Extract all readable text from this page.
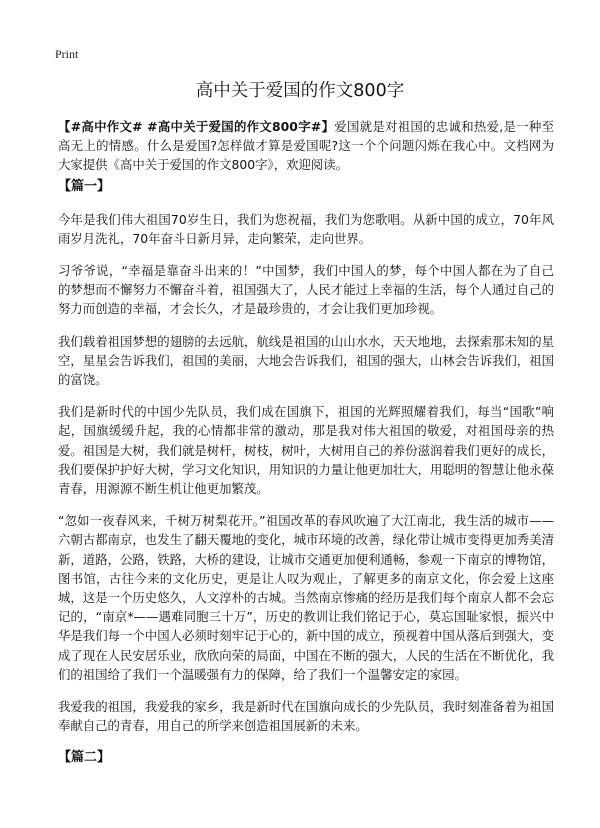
Print
高中关于爱国的作文800字

【#高中作文# #高中关于爱国的作文800字#】爱国就是对祖国的忠诚和热爱,是一种至高无上的情感。什么是爱国?怎样做才算是爱国呢?这一个个问题闪烁在我心中。文档网为大家提供《高中关于爱国的作文800字》，欢迎阅读。

【篇一】

今年是我们伟大祖国70岁生日，我们为您祝福，我们为您歌唱。从新中国的成立，70年风雨岁月洗礼，70年奋斗日新月异，走向繁荣，走向世界。

习爷爷说，“幸福是靠奋斗出来的！”中国梦，我们中国人的梦，每个中国人都在为了自己的梦想而不懈努力不懈奋斗着，祖国强大了，人民才能过上幸福的生活，每个人通过自己的努力而创造的幸福，才会长久，才是最珍贵的，才会让我们更加珍视。

我们载着祖国梦想的翅膀的去远航，航线是祖国的山山水水，天天地地，去探索那未知的星空，星星会告诉我们，祖国的美丽，大地会告诉我们，祖国的强大，山林会告诉我们，祖国的富饶。

我们是新时代的中国少先队员，我们成在国旗下，祖国的光辉照耀着我们，每当“国歌”响起，国旗缓缓升起，我的心情都非常的激动，那是我对伟大祖国的敬爱，对祖国母亲的热爱。祖国是大树，我们就是树杆，树枝，树叶，大树用自己的养份滋润着我们更好的成长，我们要保护护好大树，学习文化知识，用知识的力量让他更加壮大，用聪明的智慧让他永葆青春，用源源不断生机让他更加繁茂。

“忽如一夜春风来，千树万树梨花开。”祖国改革的春风吹遍了大江南北，我生活的城市——六朝古都南京，也发生了翻天覆地的变化，城市环境的改善，绿化带让城市变得更加秀美清新，道路，公路，铁路，大桥的建设，让城市交通更加便利通畅，参观一下南京的博物馆，图书馆，古往今来的文化历史，更是让人叹为观止，了解更多的南京文化，你会爱上这座城，这是一个历史悠久，人文淳朴的古城。当然南京惨痛的经历是我们每个南京人都不会忘记的，“南京*——遇难同胞三十万”，历史的教训让我们铭记于心，莫忘国耻家恨，振兴中华是我们每一个中国人必须时刻牢记于心的，新中国的成立，预视着中国从落后到强大，变成了现在人民安居乐业，欣欣向荣的局面，中国在不断的强大，人民的生活在不断优化，我们的祖国给了我们一个温暖强有力的保障，给了我们一个温馨安定的家园。

我爱我的祖国，我爱我的家乡，我是新时代在国旗向成长的少先队员，我时刻准备着为祖国奉献自己的青春，用自己的所学来创造祖国展新的未来。

【篇二】
